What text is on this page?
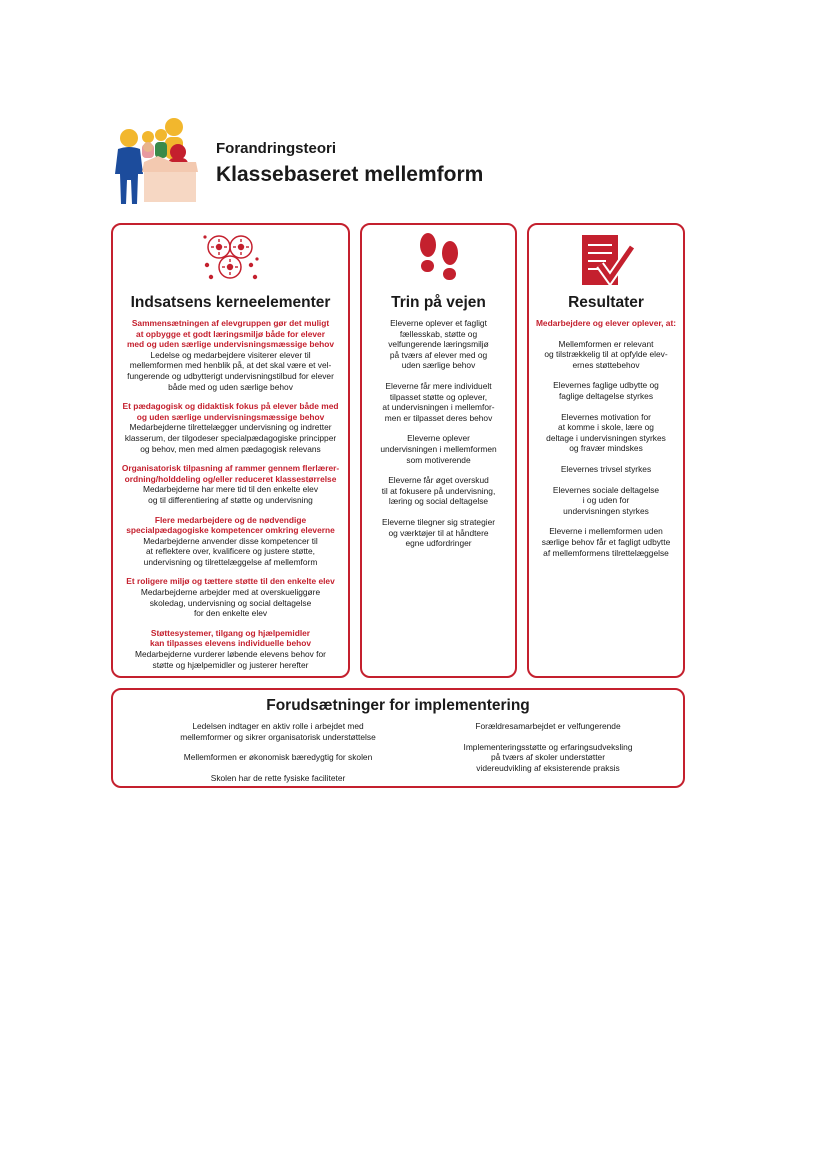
Forandringsteori

Klassebaseret mellemform

Indsatsens kerneelementer

Sammensætningen af elevgruppen gør det muligt
at opbygge et godt læringsmiljø både for elever
med og uden særlige undervisningsmæssige behov

Ledelse og medarbejdere visiterer elever til
mellemformen med henblik på, at det skal være et vel-
fungerende og udbytterigt undervisningstilbud for elever
både med og uden særlige behov

Et pædagogisk og didaktisk fokus på elever både med
og uden særlige undervisningsmæssige behov

Medarbejderne tilrettelægger undervisning og indretter
klasserum, der tilgodeser specialpædagogiske principper
og behov, men med almen pædagogisk relevans

Organisatorisk tilpasning af rammer gennem flerlærer-
ordning/holddeling og/eller reduceret klassestørrelse

Medarbejderne har mere tid til den enkelte elev
og til differentiering af støtte og undervisning

Flere medarbejdere og de nødvendige
specialpædagogiske kompetencer omkring eleverne

Medarbejderne anvender disse kompetencer til
at reflektere over, kvalificere og justere støtte,
undervisning og tilrettelæggelse af mellemform

Et roligere miljø og tættere støtte til den enkelte elev

Medarbejderne arbejder med at overskueliggøre
skoledag, undervisning og social deltagelse
for den enkelte elev

Støttesystemer, tilgang og hjælpemidler
kan tilpasses elevens individuelle behov

Medarbejderne vurderer løbende elevens behov for
støtte og hjælpemidler og justerer herefter

Trin på vejen

Eleverne oplever et fagligt
fællesskab, støtte og
velfungerende læringsmiljø
på tværs af elever med og
uden særlige behov

Eleverne får mere individuelt
tilpasset støtte og oplever,
at undervisningen i mellemfor-
men er tilpasset deres behov

Eleverne oplever
undervisningen i mellemformen
som motiverende

Eleverne får øget overskud
til at fokusere på undervisning,
læring og social deltagelse

Eleverne tilegner sig strategier
og værktøjer til at håndtere
egne udfordringer

Resultater

Medarbejdere og elever oplever, at:

Mellemformen er relevant
og tilstrækkelig til at opfylde elev-
ernes støttebehov

Elevernes faglige udbytte og
faglige deltagelse styrkes

Elevernes motivation for
at komme i skole, lære og
deltage i undervisningen styrkes
og fravær mindskes

Elevernes trivsel styrkes

Elevernes sociale deltagelse
i og uden for
undervisningen styrkes

Eleverne i mellemformen uden
særlige behov får et fagligt udbytte
af mellemformens tilrettelæggelse

Forudsætninger for implementering

Ledelsen indtager en aktiv rolle i arbejdet med
mellemformer og sikrer organisatorisk understøttelse

Mellemformen er økonomisk bæredygtig for skolen

Skolen har de rette fysiske faciliteter

Forældresamarbejdet er velfungerende

Implementeringsstøtte og erfaringsudveksling
på tværs af skoler understøtter
videreudvikling af eksisterende praksis
